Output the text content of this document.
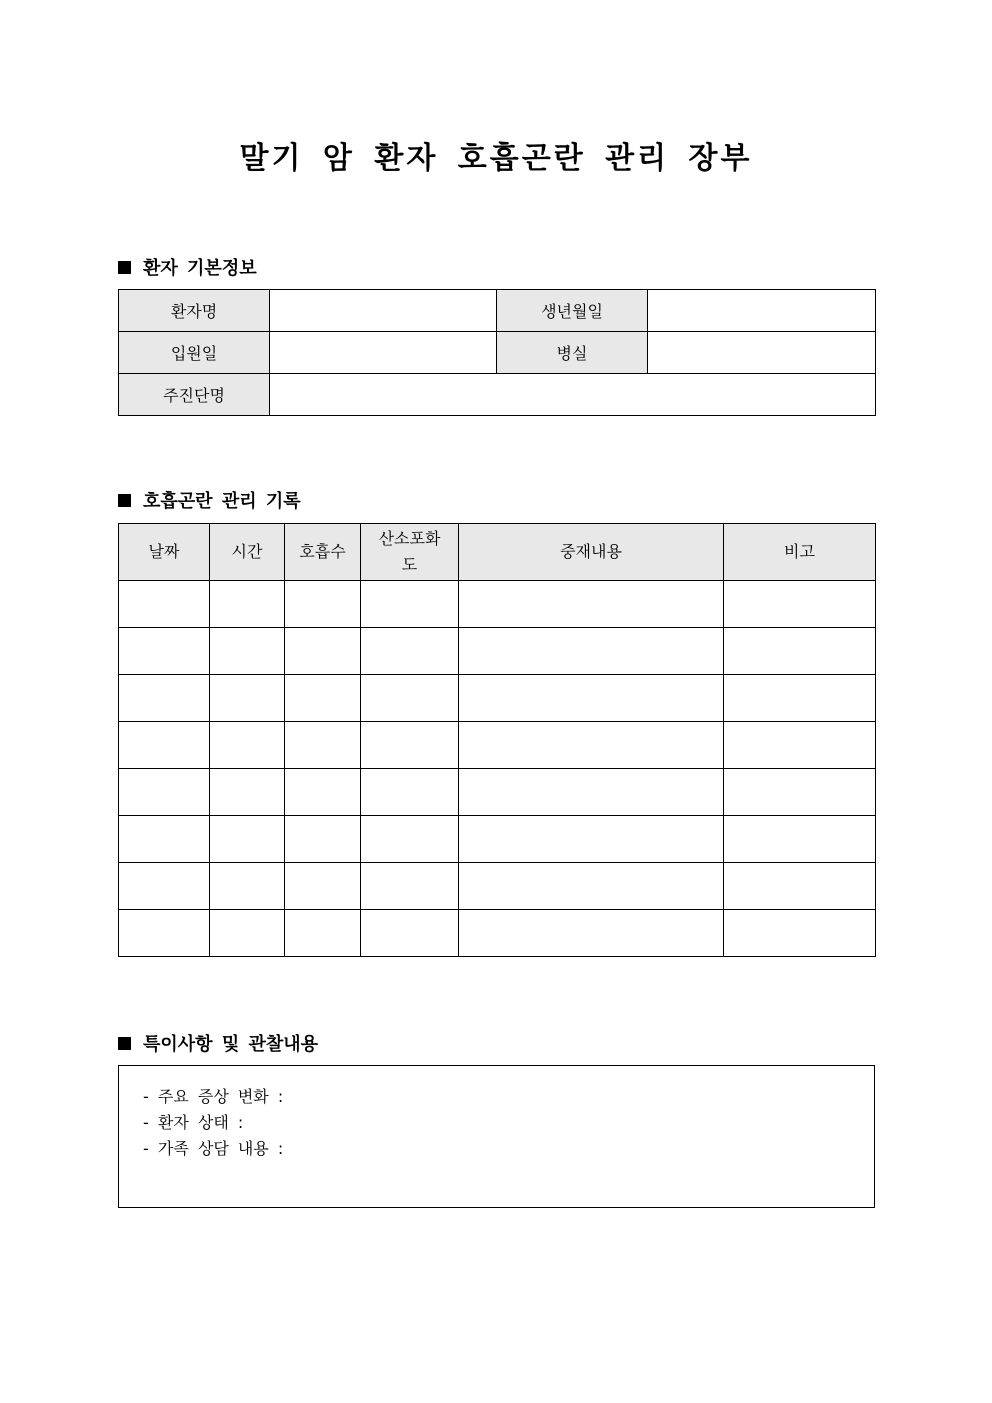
말기 암 환자 호흡곤란 관리 장부
환자 기본정보
환자명		생년월일	
입원일		병실	
주진단명			
호흡곤란 관리 기록
날짜	시간	호흡수	산소포화도	중재내용	비고

특이사항 및 관찰내용
- 주요 증상 변화 :
- 환자 상태 :
- 가족 상담 내용 :
